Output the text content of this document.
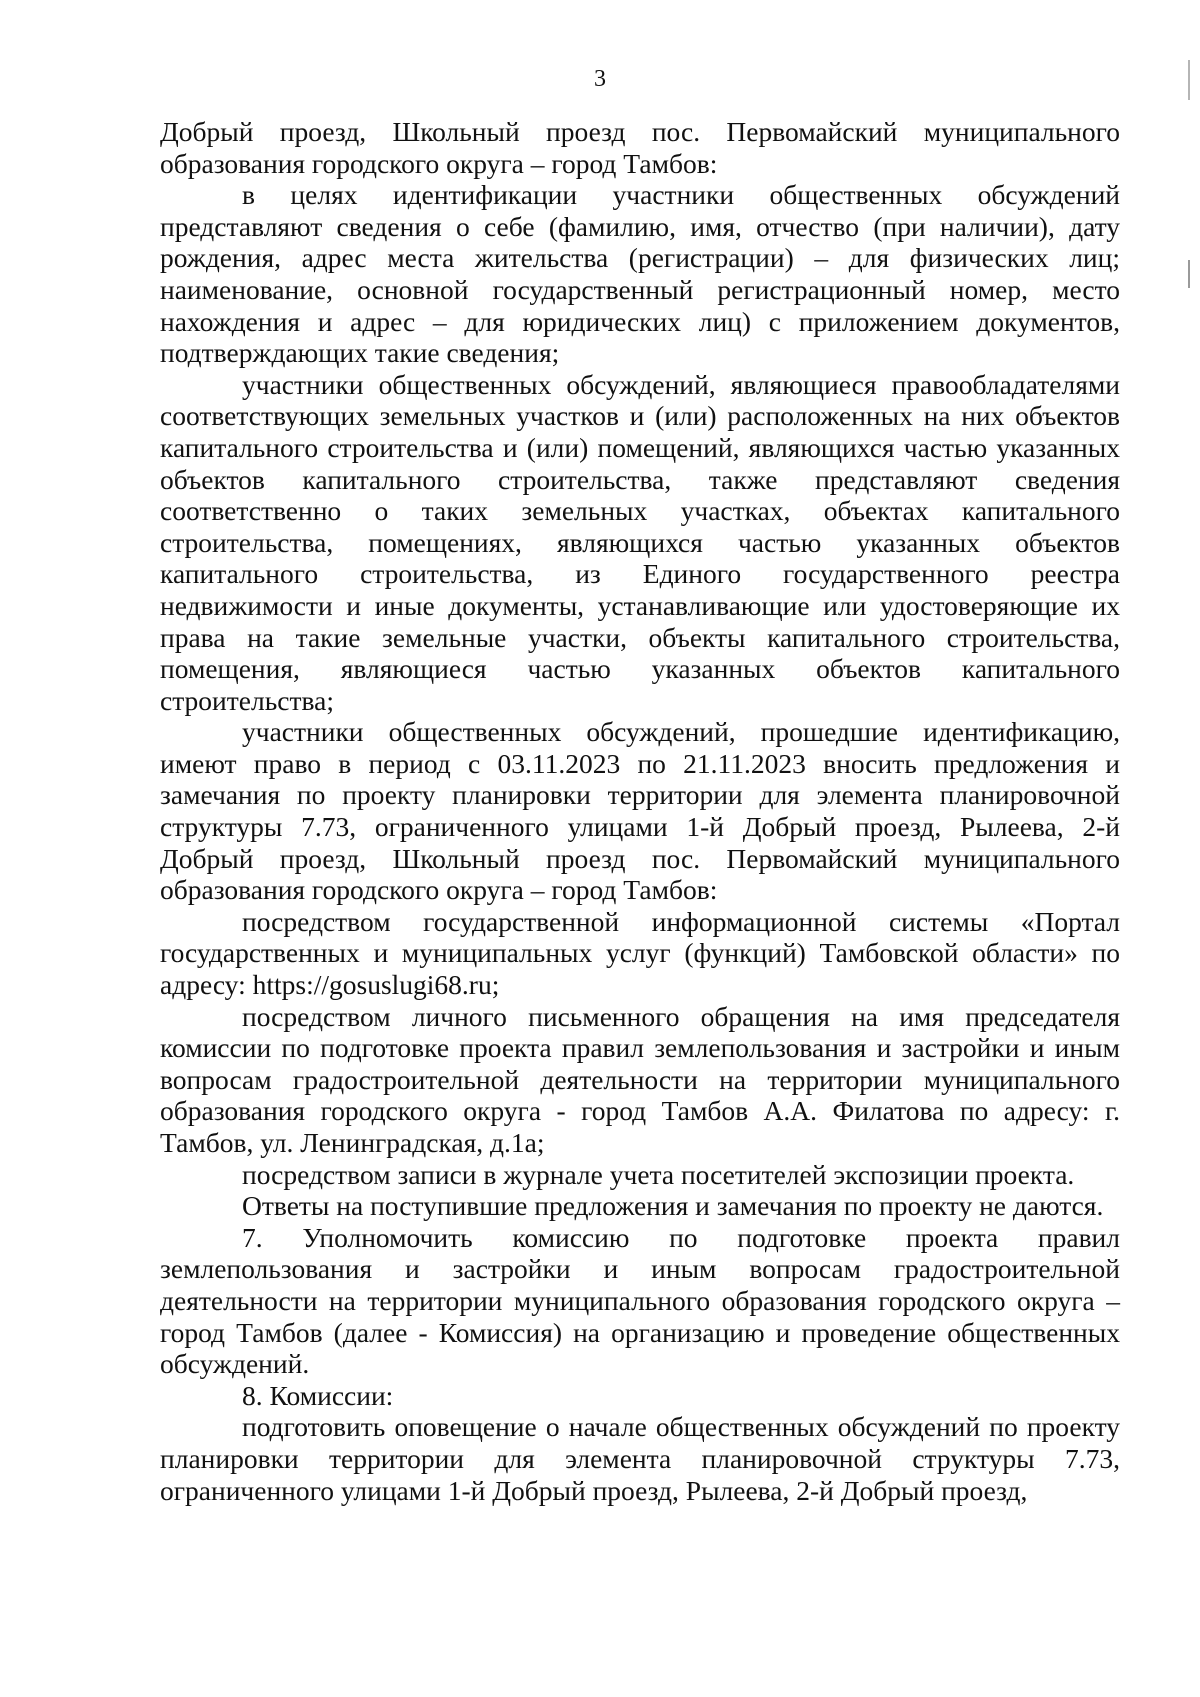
3

Добрый проезд, Школьный проезд пос. Первомайский муниципального образования городского округа – город Тамбов:

в целях идентификации участники общественных обсуждений представляют сведения о себе (фамилию, имя, отчество (при наличии), дату рождения, адрес места жительства (регистрации) – для физических лиц; наименование, основной государственный регистрационный номер, место нахождения и адрес – для юридических лиц) с приложением документов, подтверждающих такие сведения;

участники общественных обсуждений, являющиеся правообладателями соответствующих земельных участков и (или) расположенных на них объектов капитального строительства и (или) помещений, являющихся частью указанных объектов капитального строительства, также представляют сведения соответственно о таких земельных участках, объектах капитального строительства, помещениях, являющихся частью указанных объектов капитального строительства, из Единого государственного реестра недвижимости и иные документы, устанавливающие или удостоверяющие их права на такие земельные участки, объекты капитального строительства, помещения, являющиеся частью указанных объектов капитального строительства;

участники общественных обсуждений, прошедшие идентификацию, имеют право в период с 03.11.2023 по 21.11.2023 вносить предложения и замечания по проекту планировки территории для элемента планировочной структуры 7.73, ограниченного улицами 1-й Добрый проезд, Рылеева, 2-й Добрый проезд, Школьный проезд пос. Первомайский муниципального образования городского округа – город Тамбов:

посредством государственной информационной системы «Портал государственных и муниципальных услуг (функций) Тамбовской области» по адресу: https://gosuslugi68.ru;

посредством личного письменного обращения на имя председателя комиссии по подготовке проекта правил землепользования и застройки и иным вопросам градостроительной деятельности на территории муниципального образования городского округа - город Тамбов А.А. Филатова по адресу: г. Тамбов, ул. Ленинградская, д.1а;

посредством записи в журнале учета посетителей экспозиции проекта.

Ответы на поступившие предложения и замечания по проекту не даются.

7. Уполномочить комиссию по подготовке проекта правил землепользования и застройки и иным вопросам градостроительной деятельности на территории муниципального образования городского округа – город Тамбов (далее - Комиссия) на организацию и проведение общественных обсуждений.

8. Комиссии:

подготовить оповещение о начале общественных обсуждений по проекту планировки территории для элемента планировочной структуры 7.73, ограниченного улицами 1-й Добрый проезд, Рылеева, 2-й Добрый проезд,
